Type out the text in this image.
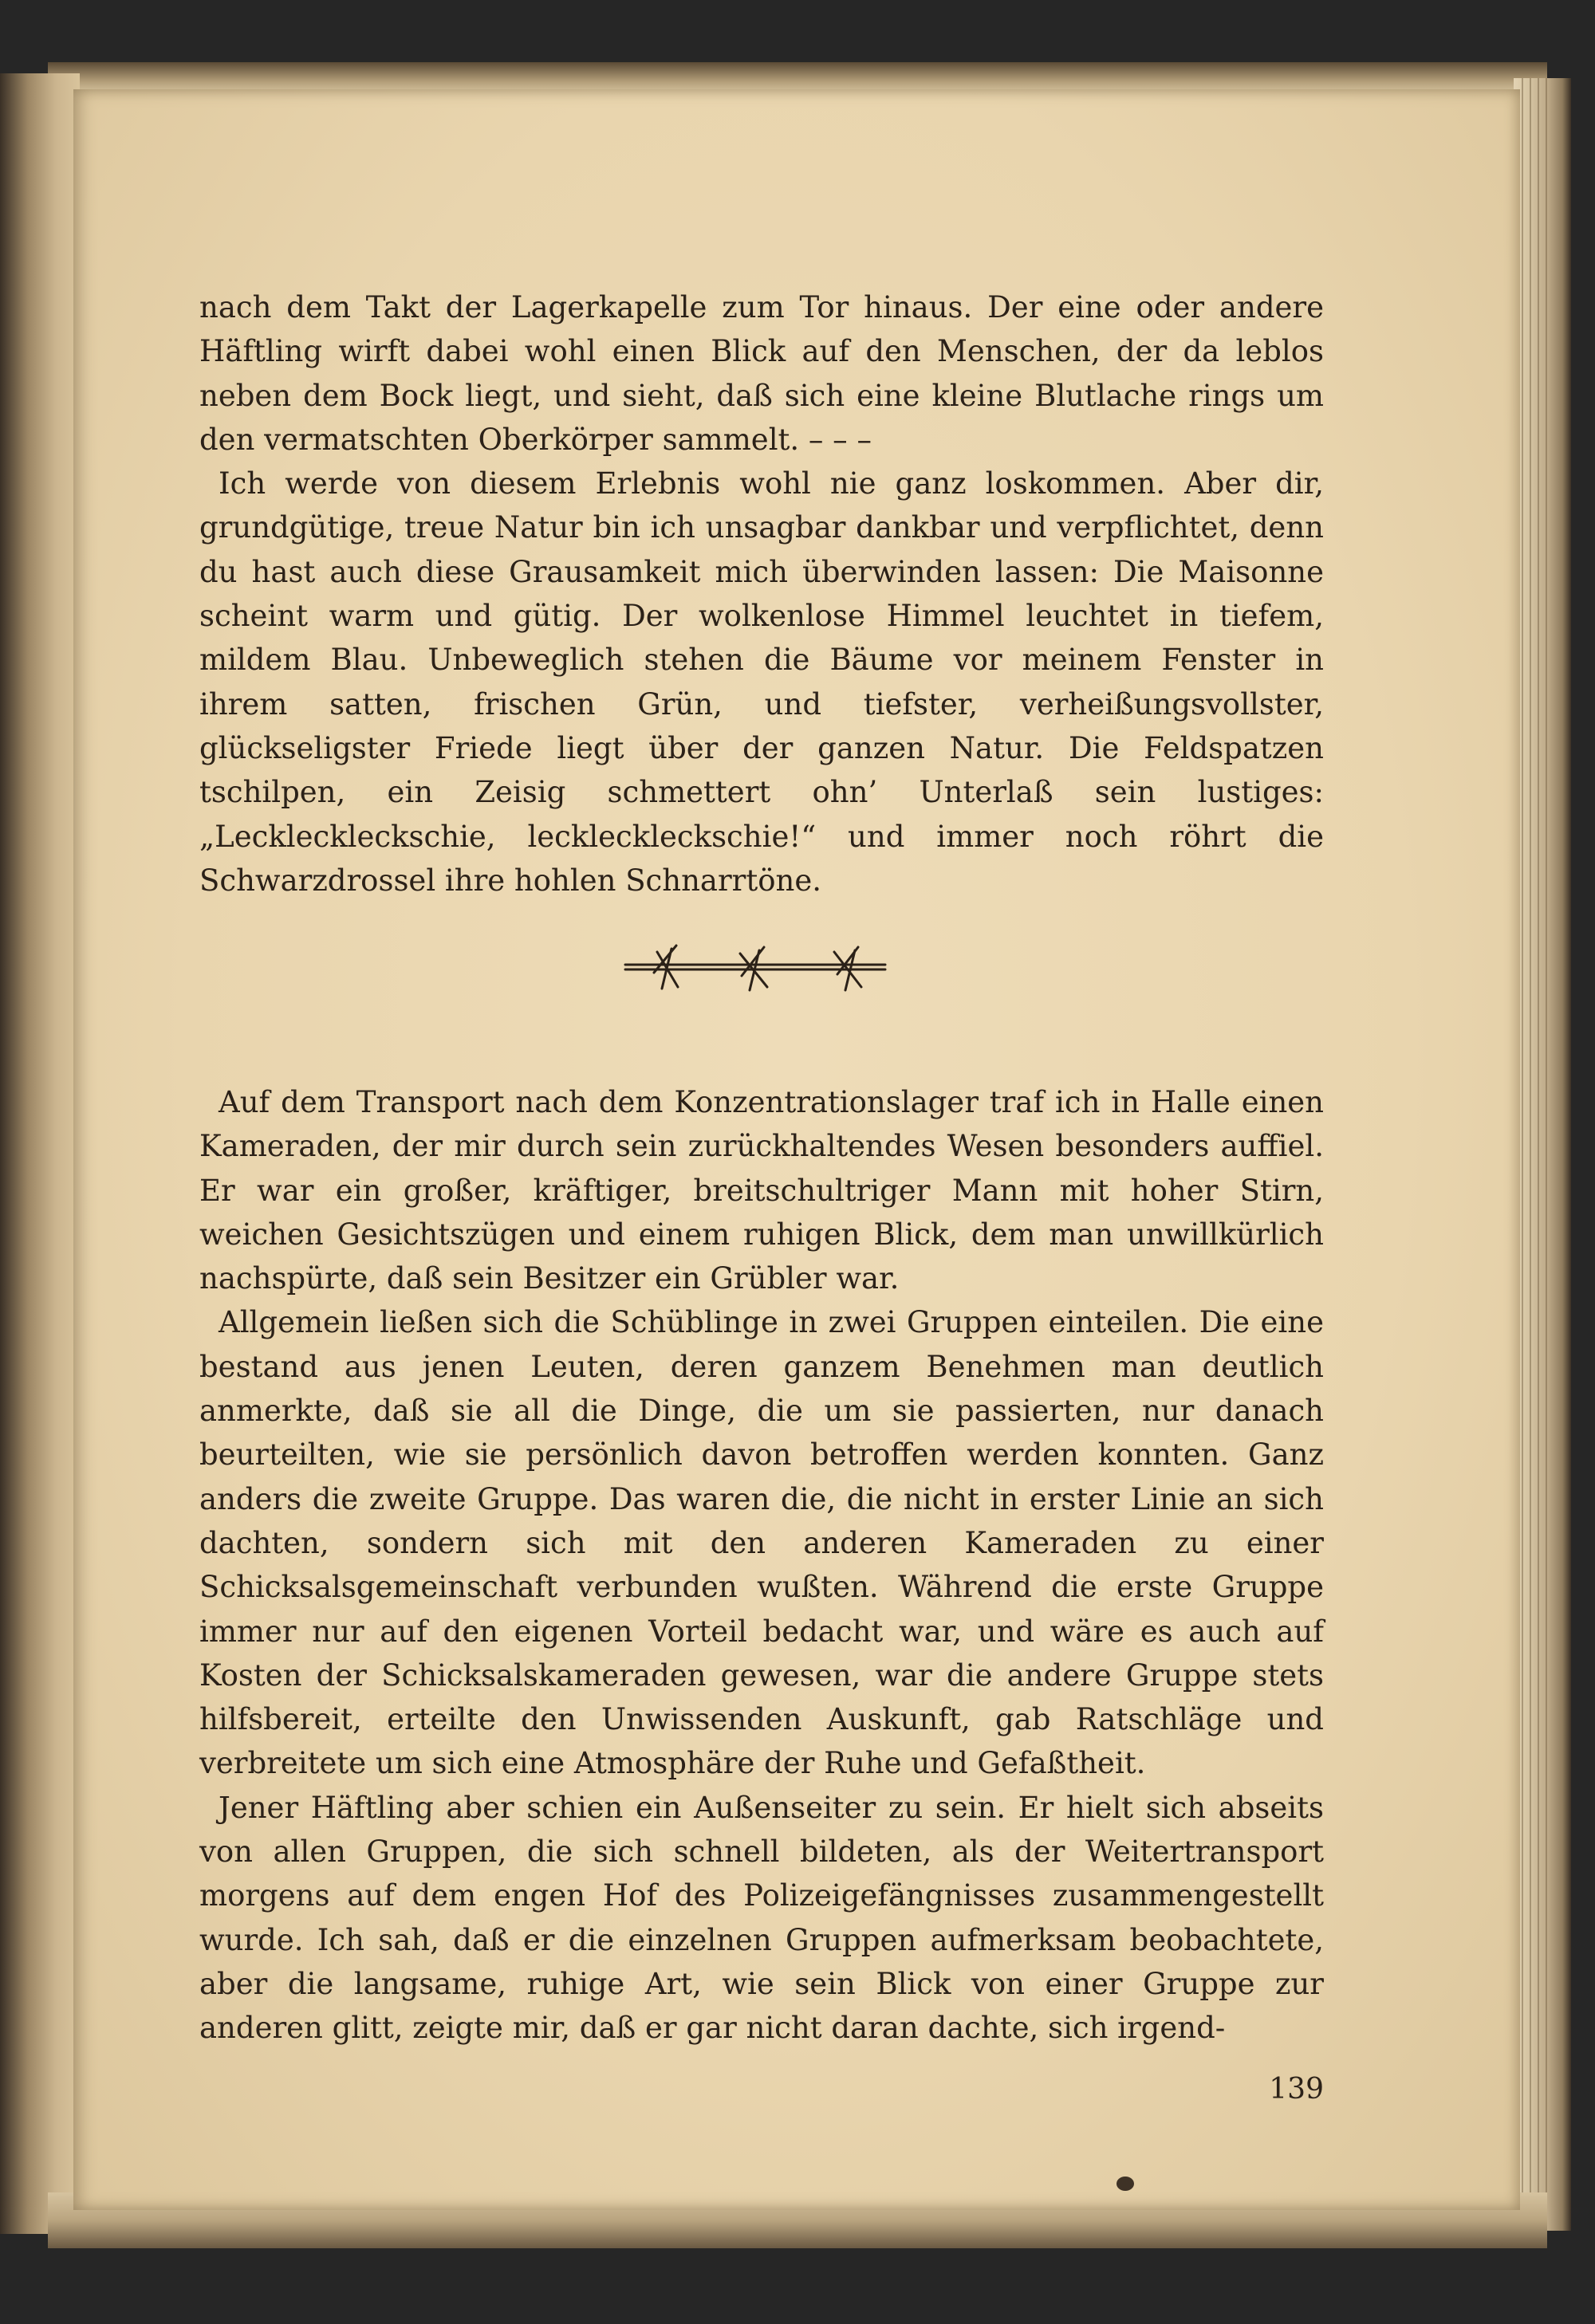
nach dem Takt der Lagerkapelle zum Tor hinaus. Der eine oder andere Häftling wirft dabei wohl einen Blick auf den Menschen, der da leblos neben dem Bock liegt, und sieht, daß sich eine kleine Blutlache rings um den vermatschten Oberkörper sammelt. – – –

Ich werde von diesem Erlebnis wohl nie ganz loskommen. Aber dir, grundgütige, treue Natur bin ich unsagbar dankbar und verpflichtet, denn du hast auch diese Grausamkeit mich überwinden lassen: Die Maisonne scheint warm und gütig. Der wolkenlose Himmel leuchtet in tiefem, mildem Blau. Unbeweglich stehen die Bäume vor meinem Fenster in ihrem satten, frischen Grün, und tiefster, verheißungsvollster, glückseligster Friede liegt über der ganzen Natur. Die Feldspatzen tschilpen, ein Zeisig schmettert ohn’ Unterlaß sein lustiges: „Leckleckleckschie, leckleckleckschie!“ und immer noch röhrt die Schwarzdrossel ihre hohlen Schnarrtöne.

Auf dem Transport nach dem Konzentrationslager traf ich in Halle einen Kameraden, der mir durch sein zurückhaltendes Wesen besonders auffiel. Er war ein großer, kräftiger, breitschultriger Mann mit hoher Stirn, weichen Gesichtszügen und einem ruhigen Blick, dem man unwillkürlich nachspürte, daß sein Besitzer ein Grübler war.

Allgemein ließen sich die Schüblinge in zwei Gruppen einteilen. Die eine bestand aus jenen Leuten, deren ganzem Benehmen man deutlich anmerkte, daß sie all die Dinge, die um sie passierten, nur danach beurteilten, wie sie persönlich davon betroffen werden konnten. Ganz anders die zweite Gruppe. Das waren die, die nicht in erster Linie an sich dachten, sondern sich mit den anderen Kameraden zu einer Schicksalsgemeinschaft verbunden wußten. Während die erste Gruppe immer nur auf den eigenen Vorteil bedacht war, und wäre es auch auf Kosten der Schicksalskameraden gewesen, war die andere Gruppe stets hilfsbereit, erteilte den Unwissenden Auskunft, gab Ratschläge und verbreitete um sich eine Atmosphäre der Ruhe und Gefaßtheit.

Jener Häftling aber schien ein Außenseiter zu sein. Er hielt sich abseits von allen Gruppen, die sich schnell bildeten, als der Weitertransport morgens auf dem engen Hof des Polizeigefängnisses zusammengestellt wurde. Ich sah, daß er die einzelnen Gruppen aufmerksam beobachtete, aber die langsame, ruhige Art, wie sein Blick von einer Gruppe zur anderen glitt, zeigte mir, daß er gar nicht daran dachte, sich irgend-

139
